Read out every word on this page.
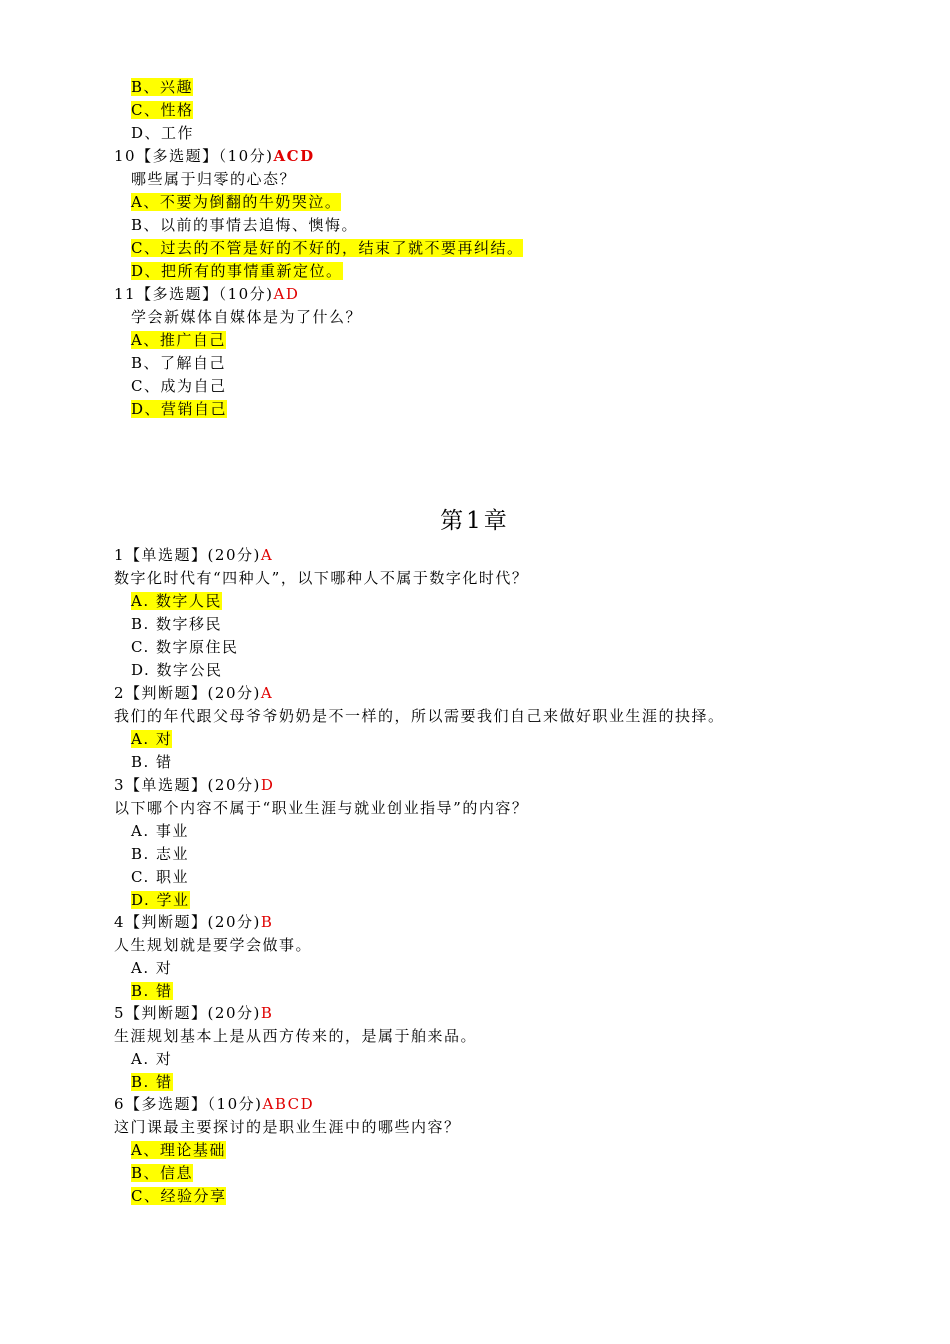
B、兴趣
C、性格
D、工作
10【多选题】（10分)ACD
哪些属于归零的心态？
A、不要为倒翻的牛奶哭泣。
B、以前的事情去追悔、懊悔。
C、过去的不管是好的不好的，结束了就不要再纠结。
D、把所有的事情重新定位。
11【多选题】（10分)AD
学会新媒体自媒体是为了什么？
A、推广自己
B、了解自己
C、成为自己
D、营销自己
第1章
1【单选题】(20分)A
数字化时代有“四种人”，以下哪种人不属于数字化时代？
A. 数字人民
B. 数字移民
C. 数字原住民
D. 数字公民
2【判断题】(20分)A
我们的年代跟父母爷爷奶奶是不一样的，所以需要我们自己来做好职业生涯的抉择。
A. 对
B. 错
3【单选题】(20分)D
以下哪个内容不属于“职业生涯与就业创业指导”的内容？
A. 事业
B. 志业
C. 职业
D. 学业
4【判断题】(20分)B
人生规划就是要学会做事。
A. 对
B. 错
5【判断题】(20分)B
生涯规划基本上是从西方传来的，是属于舶来品。
A. 对
B. 错
6【多选题】（10分)ABCD
这门课最主要探讨的是职业生涯中的哪些内容？
A、理论基础
B、信息
C、经验分享
